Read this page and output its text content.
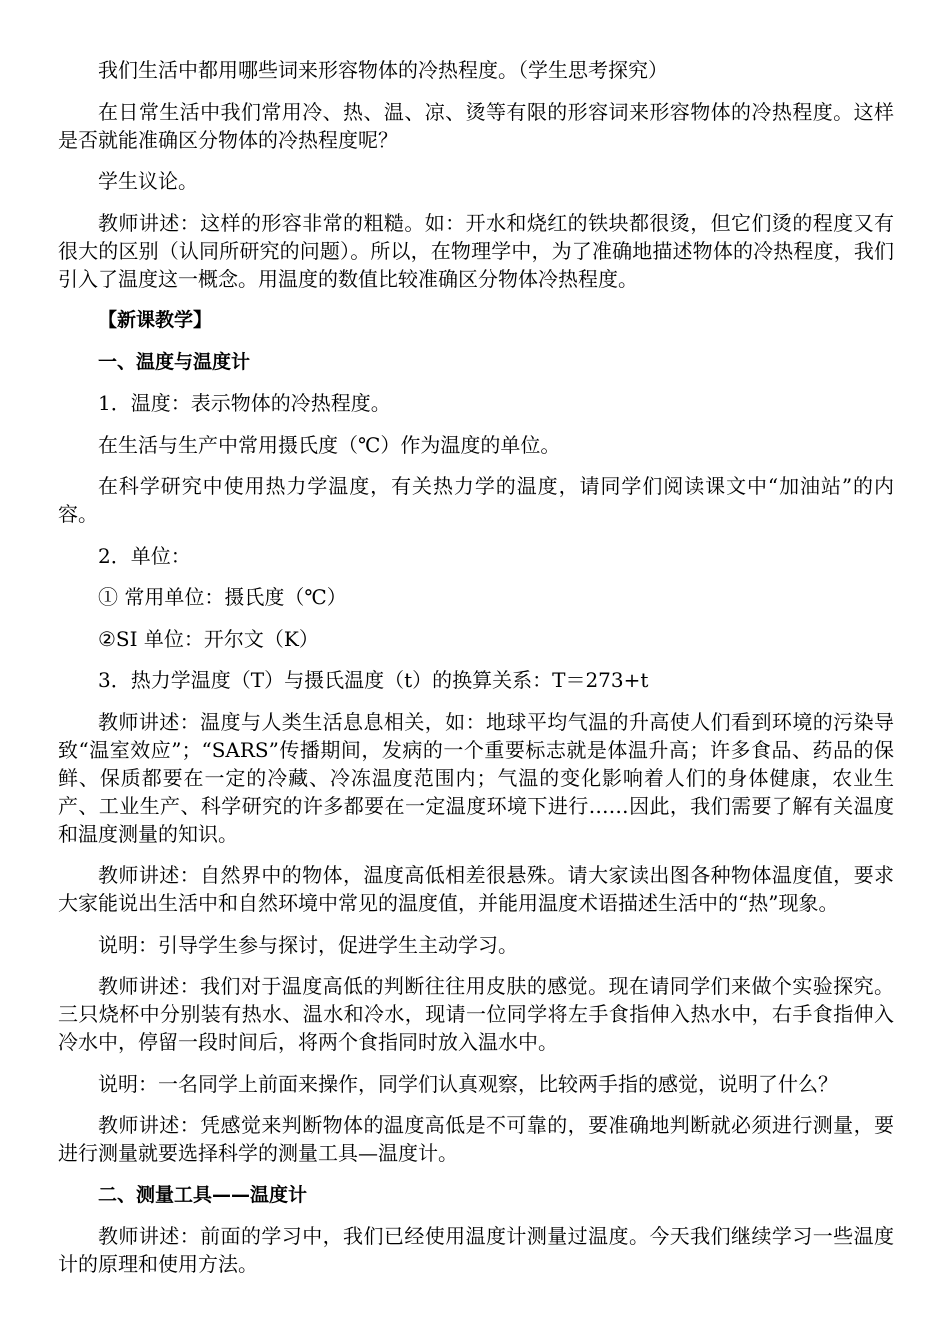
我们生活中都用哪些词来形容物体的冷热程度。（学生思考探究）

在日常生活中我们常用冷、热、温、凉、烫等有限的形容词来形容物体的冷热程度。这样是否就能准确区分物体的冷热程度呢？

学生议论。

教师讲述：这样的形容非常的粗糙。如：开水和烧红的铁块都很烫，但它们烫的程度又有很大的区别（认同所研究的问题）。所以，在物理学中，为了准确地描述物体的冷热程度，我们引入了温度这一概念。用温度的数值比较准确区分物体冷热程度。

【新课教学】

一、温度与温度计

1．温度：表示物体的冷热程度。

在生活与生产中常用摄氏度（℃）作为温度的单位。

在科学研究中使用热力学温度，有关热力学的温度，请同学们阅读课文中“加油站”的内容。

2．单位：

① 常用单位：摄氏度（℃）

②SI 单位：开尔文（K）

3．热力学温度（T）与摄氏温度（t）的换算关系：T＝273+t

教师讲述：温度与人类生活息息相关，如：地球平均气温的升高使人们看到环境的污染导致“温室效应”；“SARS”传播期间，发病的一个重要标志就是体温升高；许多食品、药品的保鲜、保质都要在一定的冷藏、冷冻温度范围内；气温的变化影响着人们的身体健康，农业生产、工业生产、科学研究的许多都要在一定温度环境下进行……因此，我们需要了解有关温度和温度测量的知识。

教师讲述：自然界中的物体，温度高低相差很悬殊。请大家读出图各种物体温度值，要求大家能说出生活中和自然环境中常见的温度值，并能用温度术语描述生活中的“热”现象。

说明：引导学生参与探讨，促进学生主动学习。

教师讲述：我们对于温度高低的判断往往用皮肤的感觉。现在请同学们来做个实验探究。三只烧杯中分别装有热水、温水和冷水，现请一位同学将左手食指伸入热水中，右手食指伸入冷水中，停留一段时间后，将两个食指同时放入温水中。

说明：一名同学上前面来操作，同学们认真观察，比较两手指的感觉，说明了什么？

教师讲述：凭感觉来判断物体的温度高低是不可靠的，要准确地判断就必须进行测量，要进行测量就要选择科学的测量工具—温度计。

二、测量工具——温度计

教师讲述：前面的学习中，我们已经使用温度计测量过温度。今天我们继续学习一些温度计的原理和使用方法。
